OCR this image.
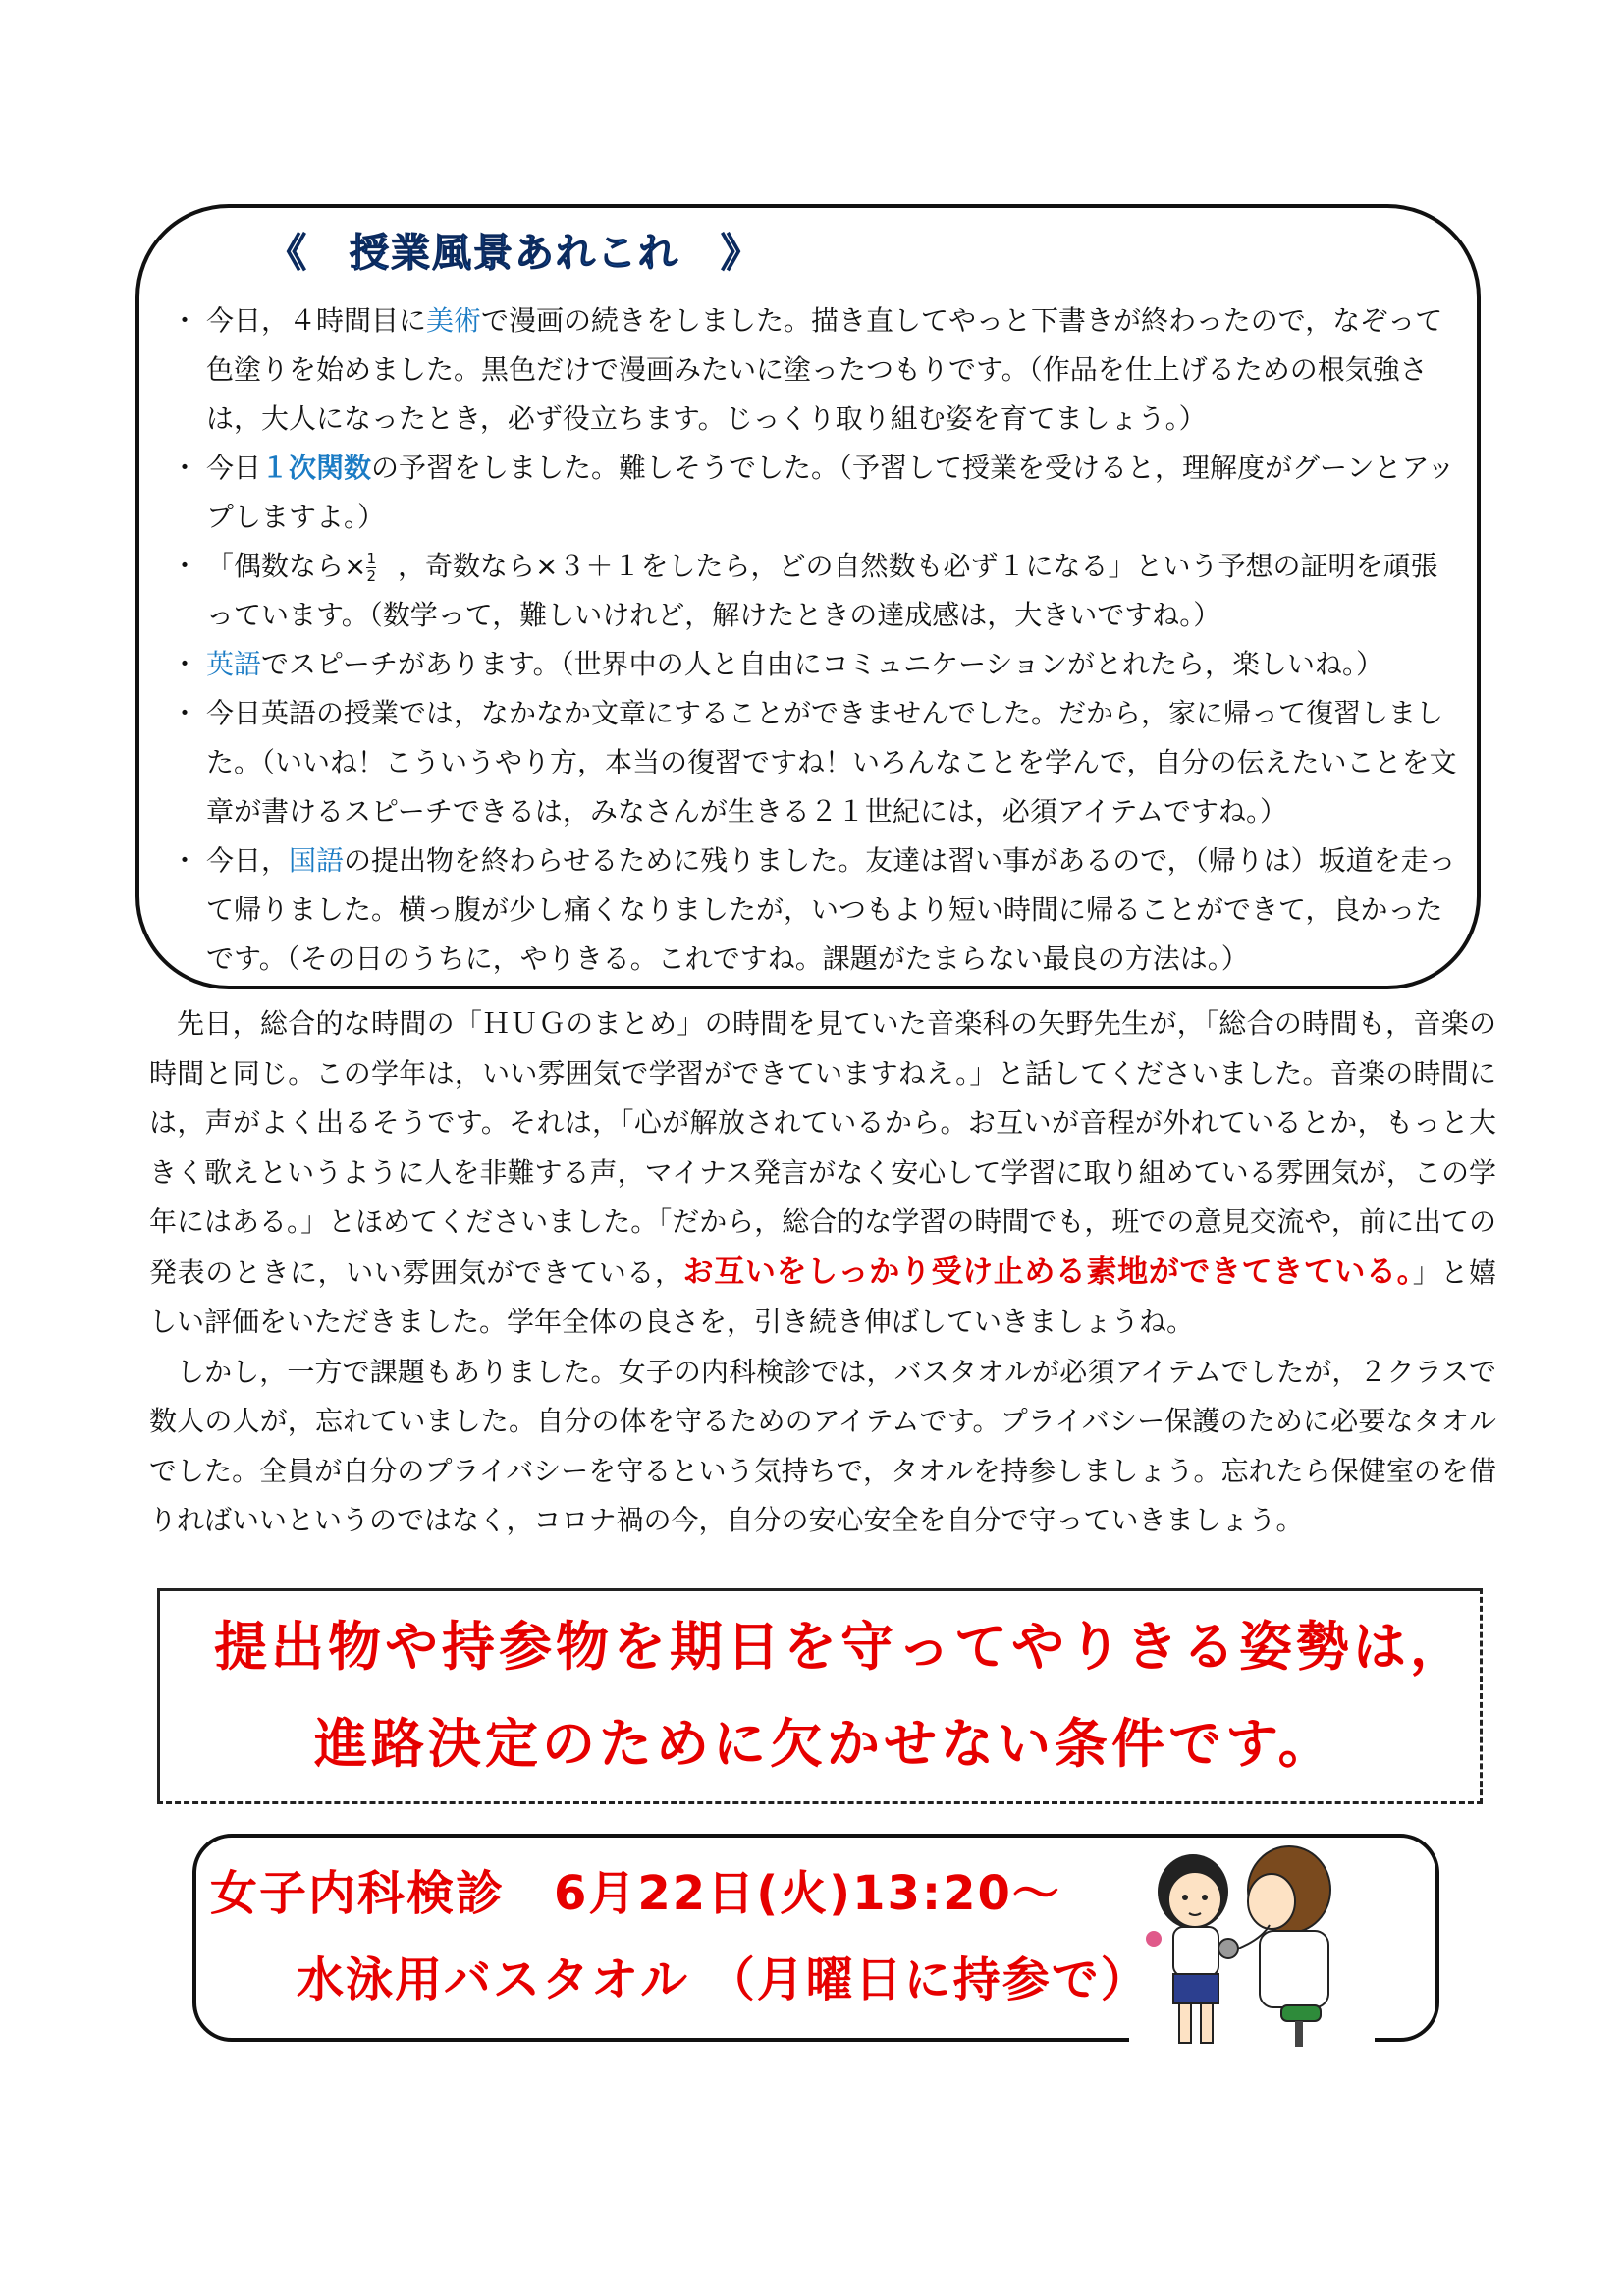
《　授業風景あれこれ　》
・ 今日，４時間目に美術で漫画の続きをしました。描き直してやっと下書きが終わったので，なぞって色塗りを始めました。黒色だけで漫画みたいに塗ったつもりです。（作品を仕上げるための根気強さは，大人になったとき，必ず役立ちます。じっくり取り組む姿を育てましょう。）
・ 今日１次関数の予習をしました。難しそうでした。（予習して授業を受けると，理解度がグーンとアップしますよ。）
・ 「偶数なら× $\frac{1}{2}$ ，奇数なら×３＋１をしたら，どの自然数も必ず１になる」という予想の証明を頑張っています。（数学って，難しいけれど，解けたときの達成感は，大きいですね。）
・ 英語でスピーチがあります。（世界中の人と自由にコミュニケーションがとれたら，楽しいね。）
・ 今日英語の授業では，なかなか文章にすることができませんでした。だから，家に帰って復習しました。（いいね！こういうやり方，本当の復習ですね！いろんなことを学んで，自分の伝えたいことを文章が書けるスピーチできるは，みなさんが生きる２１世紀には，必須アイテムですね。）
・ 今日，国語の提出物を終わらせるために残りました。友達は習い事があるので，（帰りは）坂道を走って帰りました。横っ腹が少し痛くなりましたが，いつもより短い時間に帰ることができて，良かったです。（その日のうちに，やりきる。これですね。課題がたまらない最良の方法は。）

先日，総合的な時間の「ＨＵＧのまとめ」の時間を見ていた音楽科の矢野先生が，「総合の時間も，音楽の時間と同じ。この学年は，いい雰囲気で学習ができていますねえ。」と話してくださいました。音楽の時間には，声がよく出るそうです。それは，「心が解放されているから。お互いが音程が外れているとか，もっと大きく歌えというように人を非難する声，マイナス発言がなく安心して学習に取り組めている雰囲気が，この学年にはある。」とほめてくださいました。「だから，総合的な学習の時間でも，班での意見交流や，前に出ての発表のときに，いい雰囲気ができている，お互いをしっかり受け止める素地ができてきている。」と嬉しい評価をいただきました。学年全体の良さを，引き続き伸ばしていきましょうね。

しかし，一方で課題もありました。女子の内科検診では，バスタオルが必須アイテムでしたが，２クラスで数人の人が，忘れていました。自分の体を守るためのアイテムです。プライバシー保護のために必要なタオルでした。全員が自分のプライバシーを守るという気持ちで，タオルを持参しましょう。忘れたら保健室のを借りればいいというのではなく，コロナ禍の今，自分の安心安全を自分で守っていきましょう。

提出物や持参物を期日を守ってやりきる姿勢は，

進路決定のために欠かせない条件です。

女子内科検診　6月22日(火)13:20～

水泳用バスタオル （月曜日に持参で）
